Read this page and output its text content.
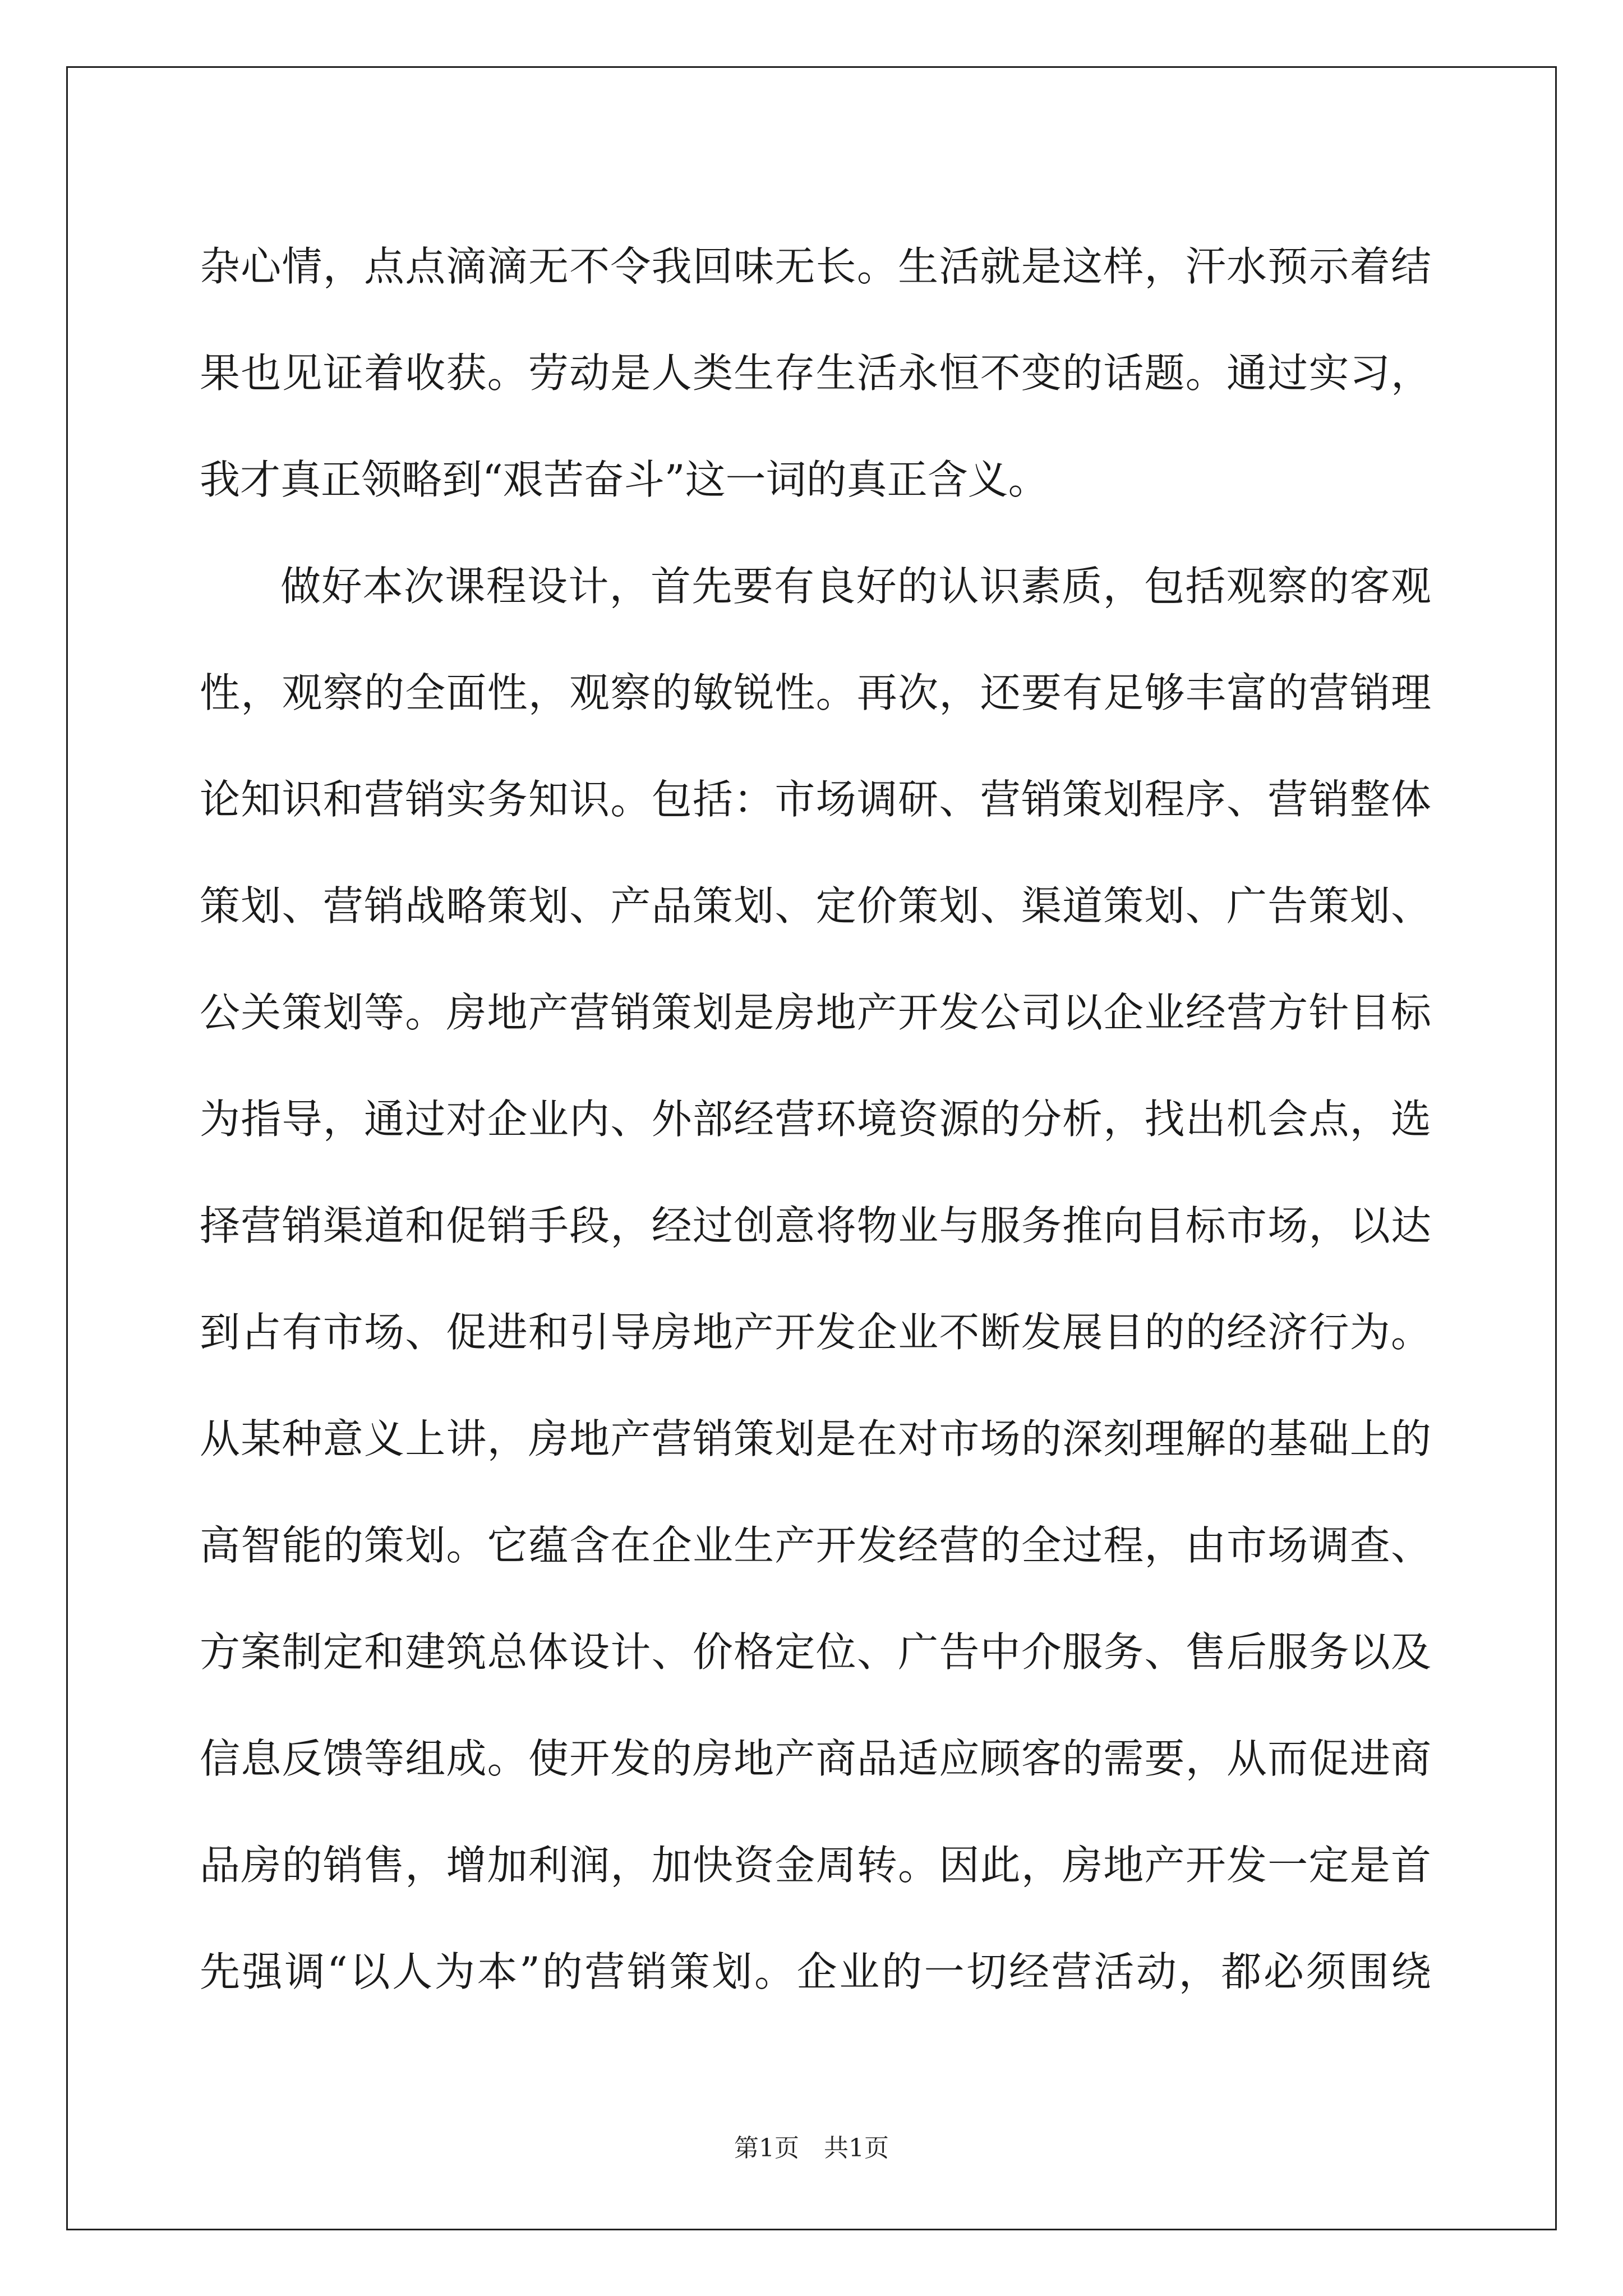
杂心情，点点滴滴无不令我回味无长。生活就是这样，汗水预示着结
果也见证着收获。劳动是人类生存生活永恒不变的话题。通过实习，
我才真正领略到“艰苦奋斗”这一词的真正含义。
做好本次课程设计，首先要有良好的认识素质，包括观察的客观
性，观察的全面性，观察的敏锐性。再次，还要有足够丰富的营销理
论知识和营销实务知识。包括：市场调研、营销策划程序、营销整体
策划、营销战略策划、产品策划、定价策划、渠道策划、广告策划、
公关策划等。房地产营销策划是房地产开发公司以企业经营方针目标
为指导，通过对企业内、外部经营环境资源的分析，找出机会点，选
择营销渠道和促销手段，经过创意将物业与服务推向目标市场，以达
到占有市场、促进和引导房地产开发企业不断发展目的的经济行为。
从某种意义上讲，房地产营销策划是在对市场的深刻理解的基础上的
高智能的策划。它蕴含在企业生产开发经营的全过程，由市场调查、
方案制定和建筑总体设计、价格定位、广告中介服务、售后服务以及
信息反馈等组成。使开发的房地产商品适应顾客的需要，从而促进商
品房的销售，增加利润，加快资金周转。因此，房地产开发一定是首
先强调“以人为本”的营销策划。企业的一切经营活动，都必须围绕
第1页　共1页
